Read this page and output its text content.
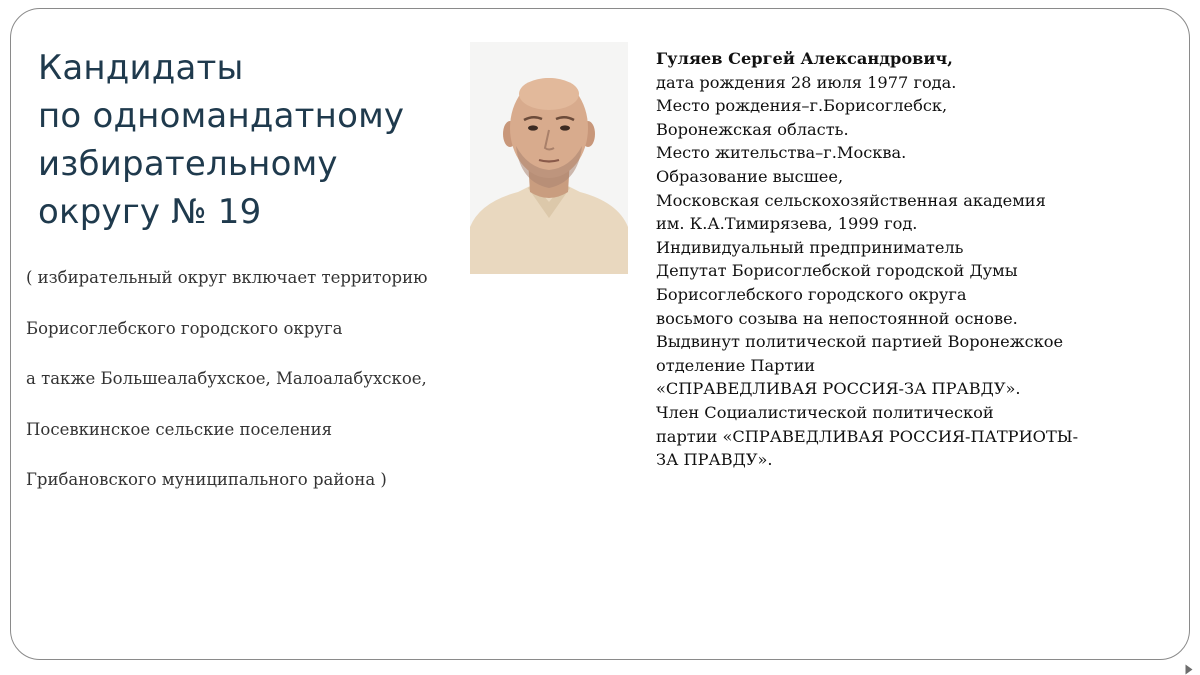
Кандидаты
по одномандатному
избирательному
округу № 19
( избирательный округ включает территорию
Борисоглебского городского округа
а также Большеалабухское, Малоалабухское,
Посевкинское сельские поселения
Грибановского муниципального района )
Гуляев Сергей Александрович,
дата рождения 28 июля 1977 года.
Место рождения–г.Борисоглебск,
Воронежская область.
Место жительства–г.Москва.
Образование высшее,
Московская сельскохозяйственная академия
им. К.А.Тимирязева, 1999 год.
Индивидуальный предприниматель
Депутат Борисоглебской городской Думы
Борисоглебского городского округа
восьмого созыва на непостоянной основе.
Выдвинут политической партией Воронежское
отделение Партии
«СПРАВЕДЛИВАЯ РОССИЯ-ЗА ПРАВДУ».
Член Социалистической политической
партии «СПРАВЕДЛИВАЯ РОССИЯ-ПАТРИОТЫ-
ЗА ПРАВДУ».
